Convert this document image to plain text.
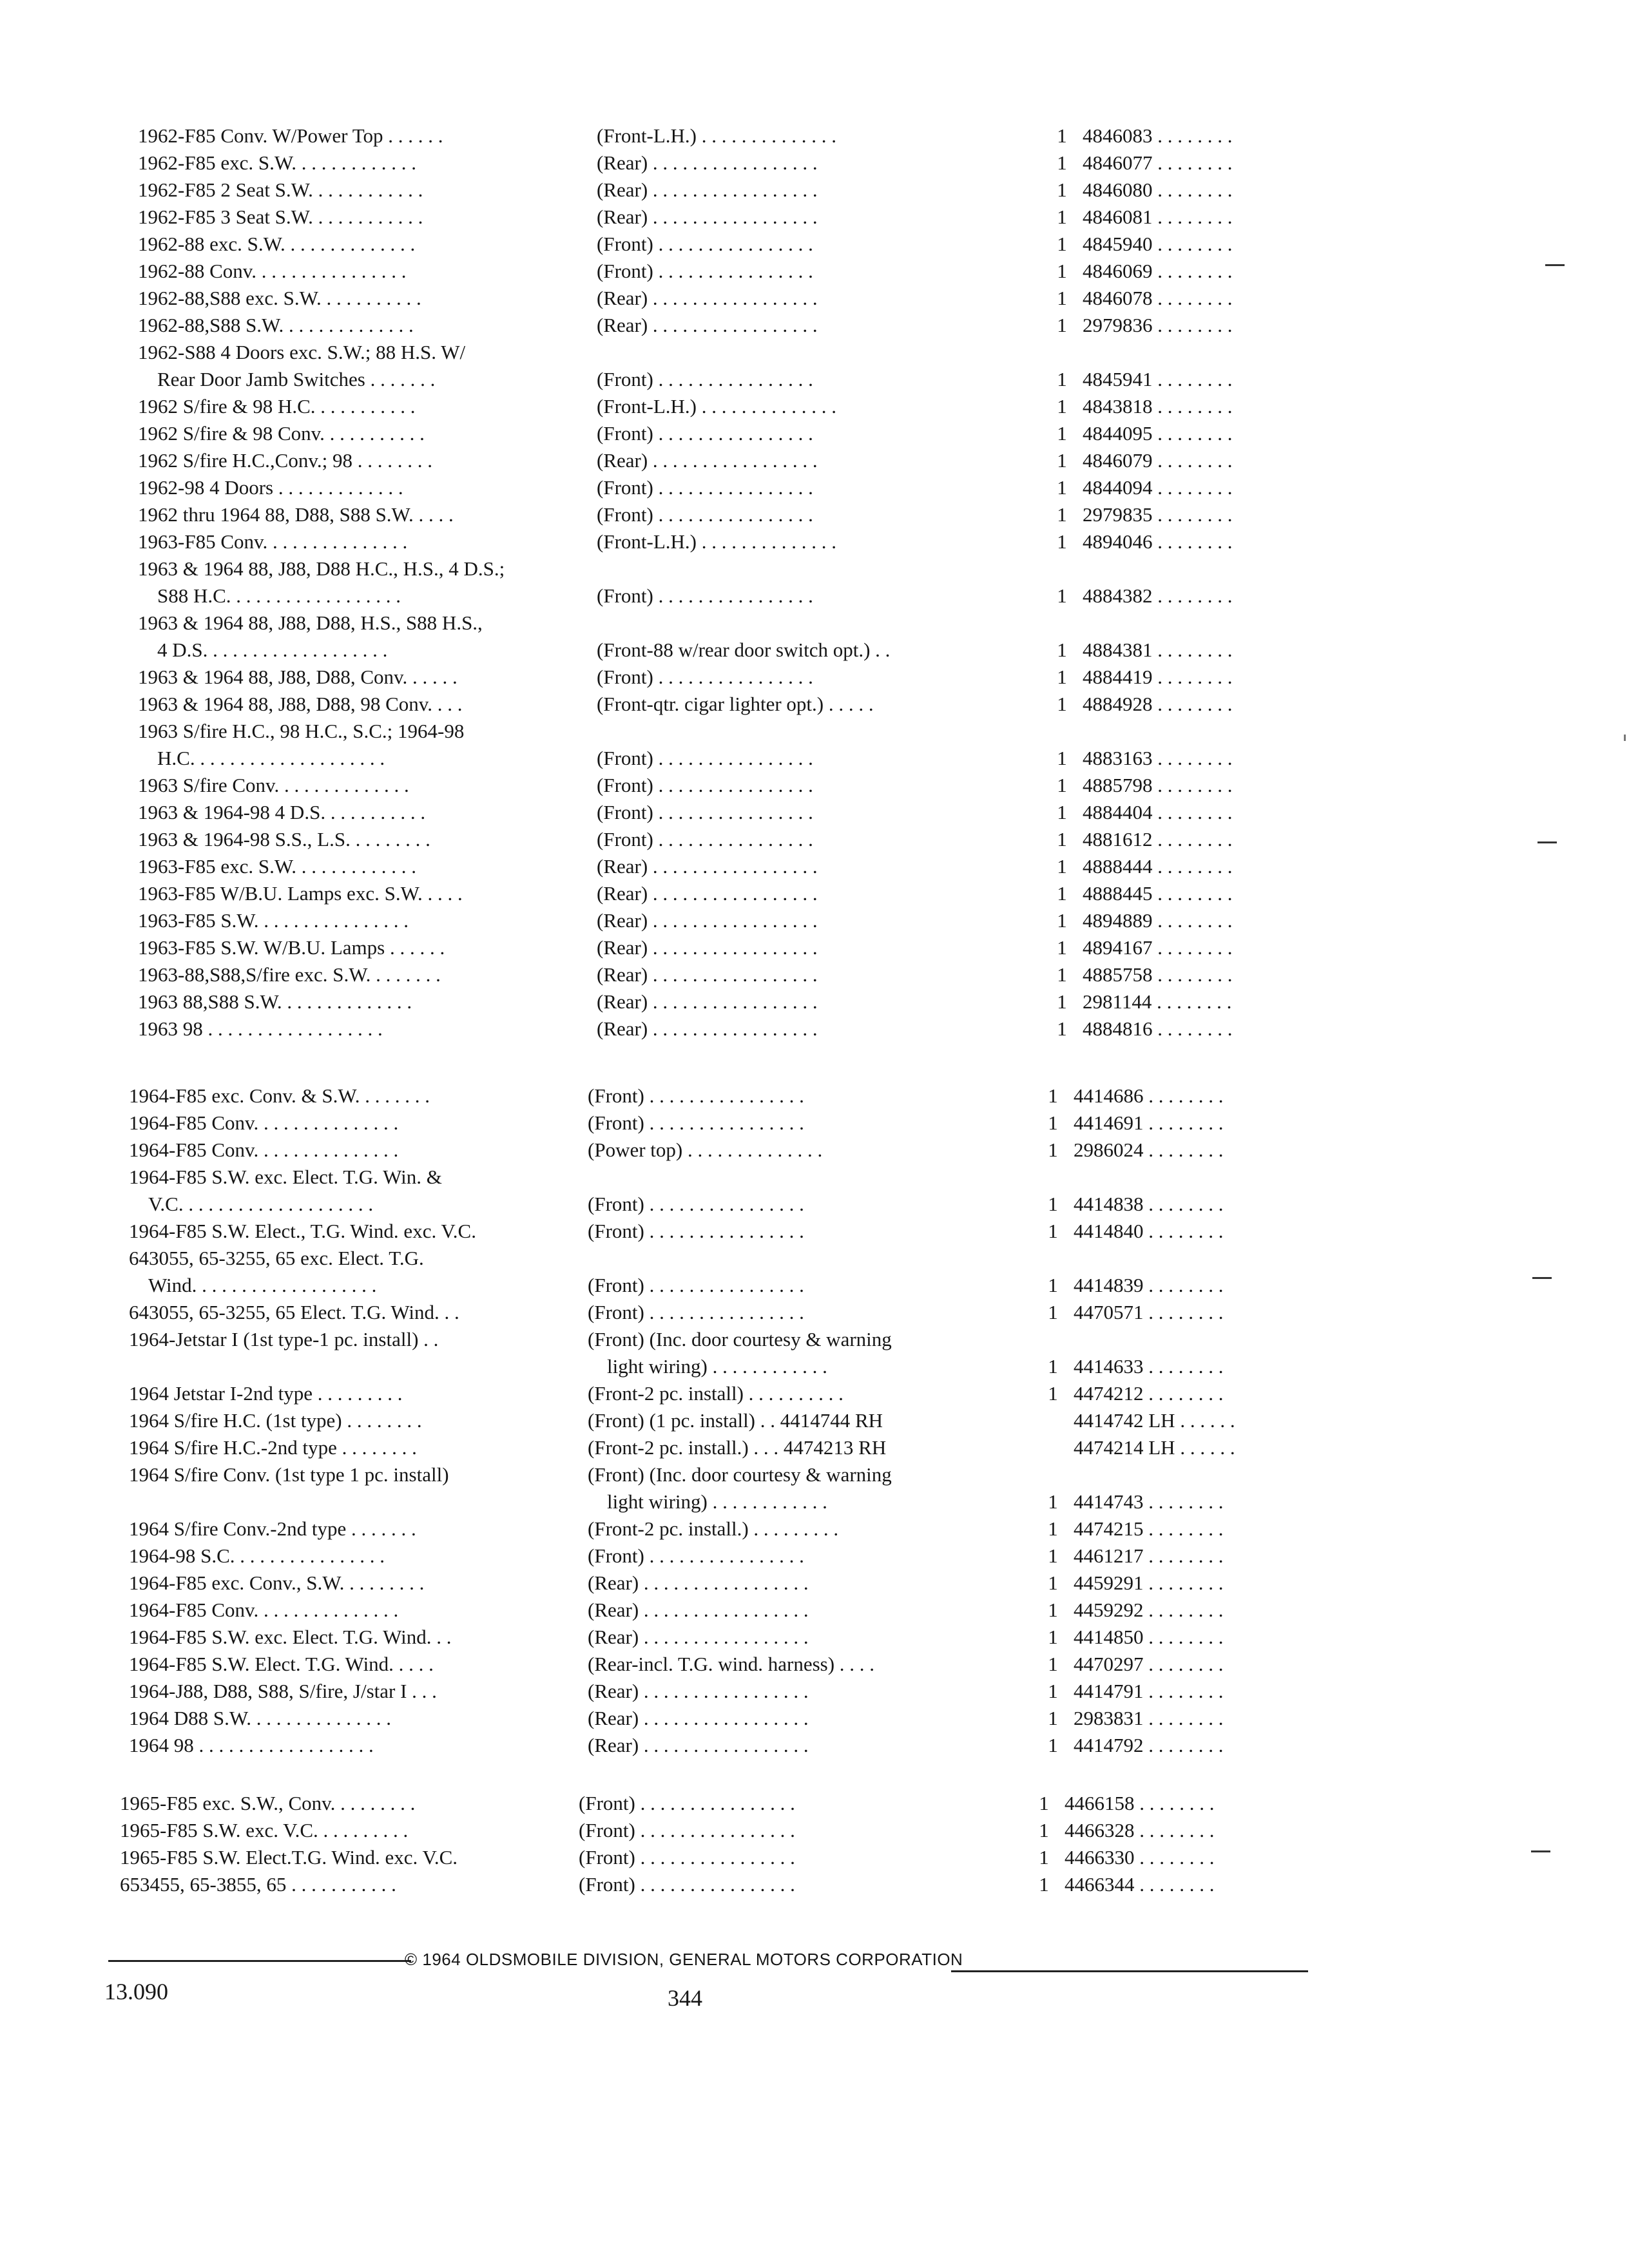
1962-F85 Conv. W/Power Top . . . . . .	(Front-L.H.) . . . . . . . . . . . . . .	1 4846083 . . . . . . . .
1962-F85 exc. S.W. . . . . . . . . . . . .	(Rear) . . . . . . . . . . . . . . . . .	1 4846077 . . . . . . . .
1962-F85 2 Seat S.W. . . . . . . . . . . .	(Rear) . . . . . . . . . . . . . . . . .	1 4846080 . . . . . . . .
1962-F85 3 Seat S.W. . . . . . . . . . . .	(Rear) . . . . . . . . . . . . . . . . .	1 4846081 . . . . . . . .
1962-88 exc. S.W. . . . . . . . . . . . . .	(Front) . . . . . . . . . . . . . . . .	1 4845940 . . . . . . . .
1962-88 Conv. . . . . . . . . . . . . . . .	(Front) . . . . . . . . . . . . . . . .	1 4846069 . . . . . . . .
1962-88,S88 exc. S.W. . . . . . . . . . .	(Rear) . . . . . . . . . . . . . . . . .	1 4846078 . . . . . . . .
1962-88,S88 S.W. . . . . . . . . . . . . .	(Rear) . . . . . . . . . . . . . . . . .	1 2979836 . . . . . . . .
1962-S88 4 Doors exc. S.W.; 88 H.S. W/
Rear Door Jamb Switches . . . . . . .	(Front) . . . . . . . . . . . . . . . .	1 4845941 . . . . . . . .
1962 S/fire & 98 H.C. . . . . . . . . . .	(Front-L.H.) . . . . . . . . . . . . . .	1 4843818 . . . . . . . .
1962 S/fire & 98 Conv. . . . . . . . . . .	(Front) . . . . . . . . . . . . . . . .	1 4844095 . . . . . . . .
1962 S/fire H.C.,Conv.; 98 . . . . . . . .	(Rear) . . . . . . . . . . . . . . . . .	1 4846079 . . . . . . . .
1962-98 4 Doors . . . . . . . . . . . . .	(Front) . . . . . . . . . . . . . . . .	1 4844094 . . . . . . . .
1962 thru 1964 88, D88, S88 S.W. . . . .	(Front) . . . . . . . . . . . . . . . .	1 2979835 . . . . . . . .
1963-F85 Conv. . . . . . . . . . . . . . .	(Front-L.H.) . . . . . . . . . . . . . .	1 4894046 . . . . . . . .
1963 & 1964 88, J88, D88 H.C., H.S., 4 D.S.;
S88 H.C. . . . . . . . . . . . . . . . . .	(Front) . . . . . . . . . . . . . . . .	1 4884382 . . . . . . . .
1963 & 1964 88, J88, D88, H.S., S88 H.S.,
4 D.S. . . . . . . . . . . . . . . . . . .	(Front-88 w/rear door switch opt.) . .	1 4884381 . . . . . . . .
1963 & 1964 88, J88, D88, Conv. . . . . .	(Front) . . . . . . . . . . . . . . . .	1 4884419 . . . . . . . .
1963 & 1964 88, J88, D88, 98 Conv. . . .	(Front-qtr. cigar lighter opt.) . . . . .	1 4884928 . . . . . . . .
1963 S/fire H.C., 98 H.C., S.C.; 1964-98
H.C. . . . . . . . . . . . . . . . . . . .	(Front) . . . . . . . . . . . . . . . .	1 4883163 . . . . . . . .
1963 S/fire Conv. . . . . . . . . . . . . .	(Front) . . . . . . . . . . . . . . . .	1 4885798 . . . . . . . .
1963 & 1964-98 4 D.S. . . . . . . . . . .	(Front) . . . . . . . . . . . . . . . .	1 4884404 . . . . . . . .
1963 & 1964-98 S.S., L.S. . . . . . . . .	(Front) . . . . . . . . . . . . . . . .	1 4881612 . . . . . . . .
1963-F85 exc. S.W. . . . . . . . . . . . .	(Rear) . . . . . . . . . . . . . . . . .	1 4888444 . . . . . . . .
1963-F85 W/B.U. Lamps exc. S.W. . . . .	(Rear) . . . . . . . . . . . . . . . . .	1 4888445 . . . . . . . .
1963-F85 S.W. . . . . . . . . . . . . . . .	(Rear) . . . . . . . . . . . . . . . . .	1 4894889 . . . . . . . .
1963-F85 S.W. W/B.U. Lamps . . . . . .	(Rear) . . . . . . . . . . . . . . . . .	1 4894167 . . . . . . . .
1963-88,S88,S/fire exc. S.W. . . . . . . .	(Rear) . . . . . . . . . . . . . . . . .	1 4885758 . . . . . . . .
1963 88,S88 S.W. . . . . . . . . . . . . .	(Rear) . . . . . . . . . . . . . . . . .	1 2981144 . . . . . . . .
1963 98 . . . . . . . . . . . . . . . . . .	(Rear) . . . . . . . . . . . . . . . . .	1 4884816 . . . . . . . .
1964-F85 exc. Conv. & S.W. . . . . . . .	(Front) . . . . . . . . . . . . . . . .	1 4414686 . . . . . . . .
1964-F85 Conv. . . . . . . . . . . . . . .	(Front) . . . . . . . . . . . . . . . .	1 4414691 . . . . . . . .
1964-F85 Conv. . . . . . . . . . . . . . .	(Power top) . . . . . . . . . . . . . .	1 2986024 . . . . . . . .
1964-F85 S.W. exc. Elect. T.G. Win. &
V.C. . . . . . . . . . . . . . . . . . . .	(Front) . . . . . . . . . . . . . . . .	1 4414838 . . . . . . . .
1964-F85 S.W. Elect., T.G. Wind. exc. V.C.	(Front) . . . . . . . . . . . . . . . .	1 4414840 . . . . . . . .
643055, 65-3255, 65 exc. Elect. T.G.
Wind. . . . . . . . . . . . . . . . . . .	(Front) . . . . . . . . . . . . . . . .	1 4414839 . . . . . . . .
643055, 65-3255, 65 Elect. T.G. Wind. . .	(Front) . . . . . . . . . . . . . . . .	1 4470571 . . . . . . . .
1964-Jetstar I (1st type-1 pc. install) . .	(Front) (Inc. door courtesy & warning
light wiring) . . . . . . . . . . . .	1 4414633 . . . . . . . .
1964 Jetstar I-2nd type . . . . . . . . .	(Front-2 pc. install) . . . . . . . . . .	1 4474212 . . . . . . . .
1964 S/fire H.C. (1st type) . . . . . . . .	(Front) (1 pc. install) . . 4414744 RH	4414742 LH . . . . . .
1964 S/fire H.C.-2nd type . . . . . . . .	(Front-2 pc. install.) . . . 4474213 RH	4474214 LH . . . . . .
1964 S/fire Conv. (1st type 1 pc. install)	(Front) (Inc. door courtesy & warning
light wiring) . . . . . . . . . . . .	1 4414743 . . . . . . . .
1964 S/fire Conv.-2nd type . . . . . . .	(Front-2 pc. install.) . . . . . . . . .	1 4474215 . . . . . . . .
1964-98 S.C. . . . . . . . . . . . . . . .	(Front) . . . . . . . . . . . . . . . .	1 4461217 . . . . . . . .
1964-F85 exc. Conv., S.W. . . . . . . . .	(Rear) . . . . . . . . . . . . . . . . .	1 4459291 . . . . . . . .
1964-F85 Conv. . . . . . . . . . . . . . .	(Rear) . . . . . . . . . . . . . . . . .	1 4459292 . . . . . . . .
1964-F85 S.W. exc. Elect. T.G. Wind. . .	(Rear) . . . . . . . . . . . . . . . . .	1 4414850 . . . . . . . .
1964-F85 S.W. Elect. T.G. Wind. . . . .	(Rear-incl. T.G. wind. harness) . . . .	1 4470297 . . . . . . . .
1964-J88, D88, S88, S/fire, J/star I . . .	(Rear) . . . . . . . . . . . . . . . . .	1 4414791 . . . . . . . .
1964 D88 S.W. . . . . . . . . . . . . . .	(Rear) . . . . . . . . . . . . . . . . .	1 2983831 . . . . . . . .
1964 98 . . . . . . . . . . . . . . . . . .	(Rear) . . . . . . . . . . . . . . . . .	1 4414792 . . . . . . . .
1965-F85 exc. S.W., Conv. . . . . . . . .	(Front) . . . . . . . . . . . . . . . .	1 4466158 . . . . . . . .
1965-F85 S.W. exc. V.C. . . . . . . . . .	(Front) . . . . . . . . . . . . . . . .	1 4466328 . . . . . . . .
1965-F85 S.W. Elect.T.G. Wind. exc. V.C.	(Front) . . . . . . . . . . . . . . . .	1 4466330 . . . . . . . .
653455, 65-3855, 65 . . . . . . . . . . .	(Front) . . . . . . . . . . . . . . . .	1 4466344 . . . . . . . .
© 1964 OLDSMOBILE DIVISION, GENERAL MOTORS CORPORATION
13.090	344
